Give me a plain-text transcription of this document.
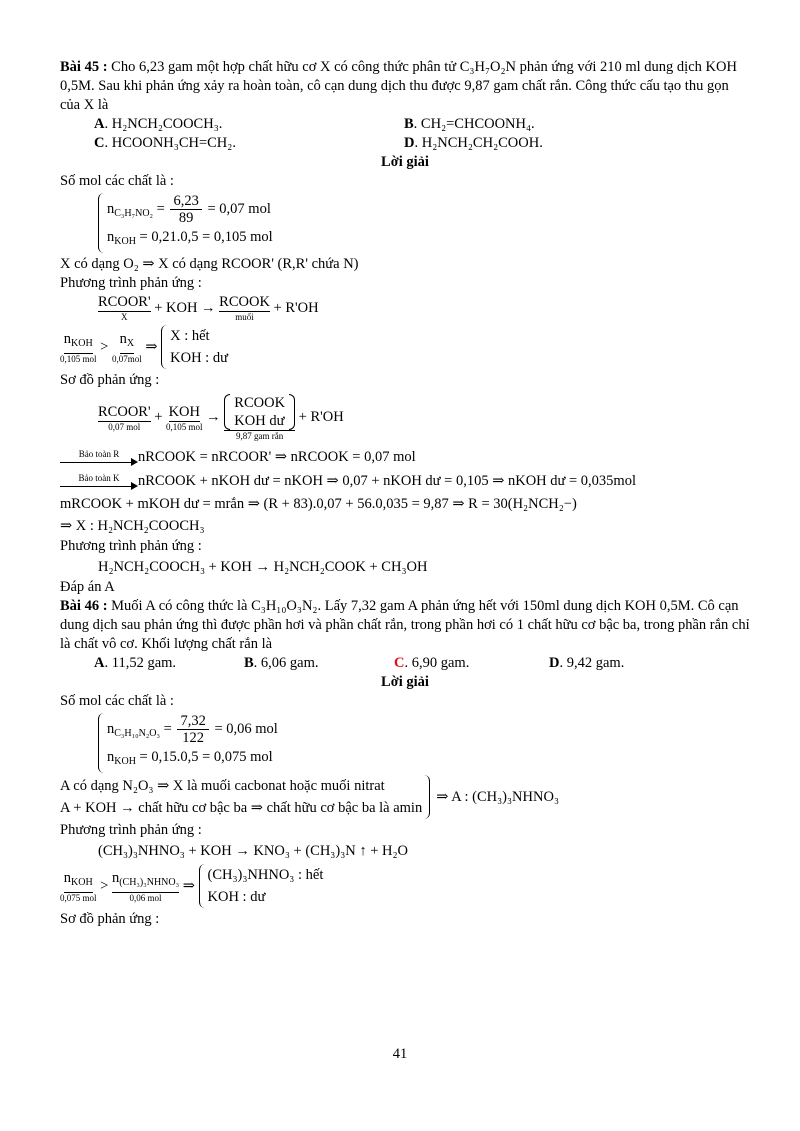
Bài 45 : Cho 6,23 gam một hợp chất hữu cơ X có công thức phân tử C₃H₇O₂N phản ứng với 210 ml dung dịch KOH 0,5M. Sau khi phản ứng xảy ra hoàn toàn, cô cạn dung dịch thu được 9,87 gam chất rắn. Công thức cấu tạo thu gọn của X là

A. H₂NCH₂COOCH₃.	B. CH₂=CHCOONH₄.

C. HCOONH₃CH=CH₂.	D. H₂NCH₂CH₂COOH.

Lời giải

Số mol các chất là :

$n_{C_3H_7NO_2} = \frac{6,23}{89} = 0,07$ mol
$n_{KOH} = 0,21.0,5 = 0,105$ mol

X có dạng O₂ ⇒ X có dạng RCOOR' (R,R' chứa N)

Phương trình phản ứng :

RCOOR'
X
+ KOH → RCOOK
muối
+ R'OH

$n_{KOH}$
0,105 mol
> $n_X$
0,07mol
⇒
X : hết
KOH : dư

Sơ đồ phản ứng :

RCOOR'
0,07 mol
+ KOH
0,105 mol
→
RCOOK
KOH dư
9,87 gam rắn
+ R'OH

Bảo toàn R nRCOOK = nRCOOR' ⇒ nRCOOK = 0,07 mol

Bảo toàn K nRCOOK + nKOH dư = nKOH ⇒ 0,07 + nKOH dư = 0,105 ⇒ nKOH dư = 0,035mol

mRCOOK + mKOH dư = mrắn ⇒ (R + 83).0,07 + 56.0,035 = 9,87 ⇒ R = 30(H₂NCH₂−)

⇒ X : H₂NCH₂COOCH₃

Phương trình phản ứng :

H₂NCH₂COOCH₃ + KOH → H₂NCH₂COOK + CH₃OH

Đáp án A

Bài 46 : Muối A có công thức là C₃H₁₀O₃N₂. Lấy 7,32 gam A phản ứng hết với 150ml dung dịch KOH 0,5M. Cô cạn dung dịch sau phản ứng thì được phần hơi và phần chất rắn, trong phần hơi có 1 chất hữu cơ bậc ba, trong phần rắn chỉ là chất vô cơ. Khối lượng chất rắn là

A. 11,52 gam.	B. 6,06 gam.	C. 6,90 gam.	D. 9,42 gam.

Lời giải

Số mol các chất là :

$n_{C_3H_{10}N_2O_3} = \frac{7,32}{122} = 0,06$ mol
$n_{KOH} = 0,15.0,5 = 0,075$ mol
A có dạng N₂O₃ ⇒ X là muối cacbonat hoặc muối nitrat
A + KOH → chất hữu cơ bậc ba ⇒ chất hữu cơ bậc ba là amin
⇒ A : (CH₃)₃NHNO₃

Phương trình phản ứng :

(CH₃)₃NHNO₃ + KOH → KNO₃ + (CH₃)₃N ↑ + H₂O

$n_{KOH}$
0,075 mol
> $n_{(CH_3)_3NHNO_3}$
0,06 mol
⇒
(CH₃)₃NHNO₃ : hết
KOH : dư

Sơ đồ phản ứng :

41
